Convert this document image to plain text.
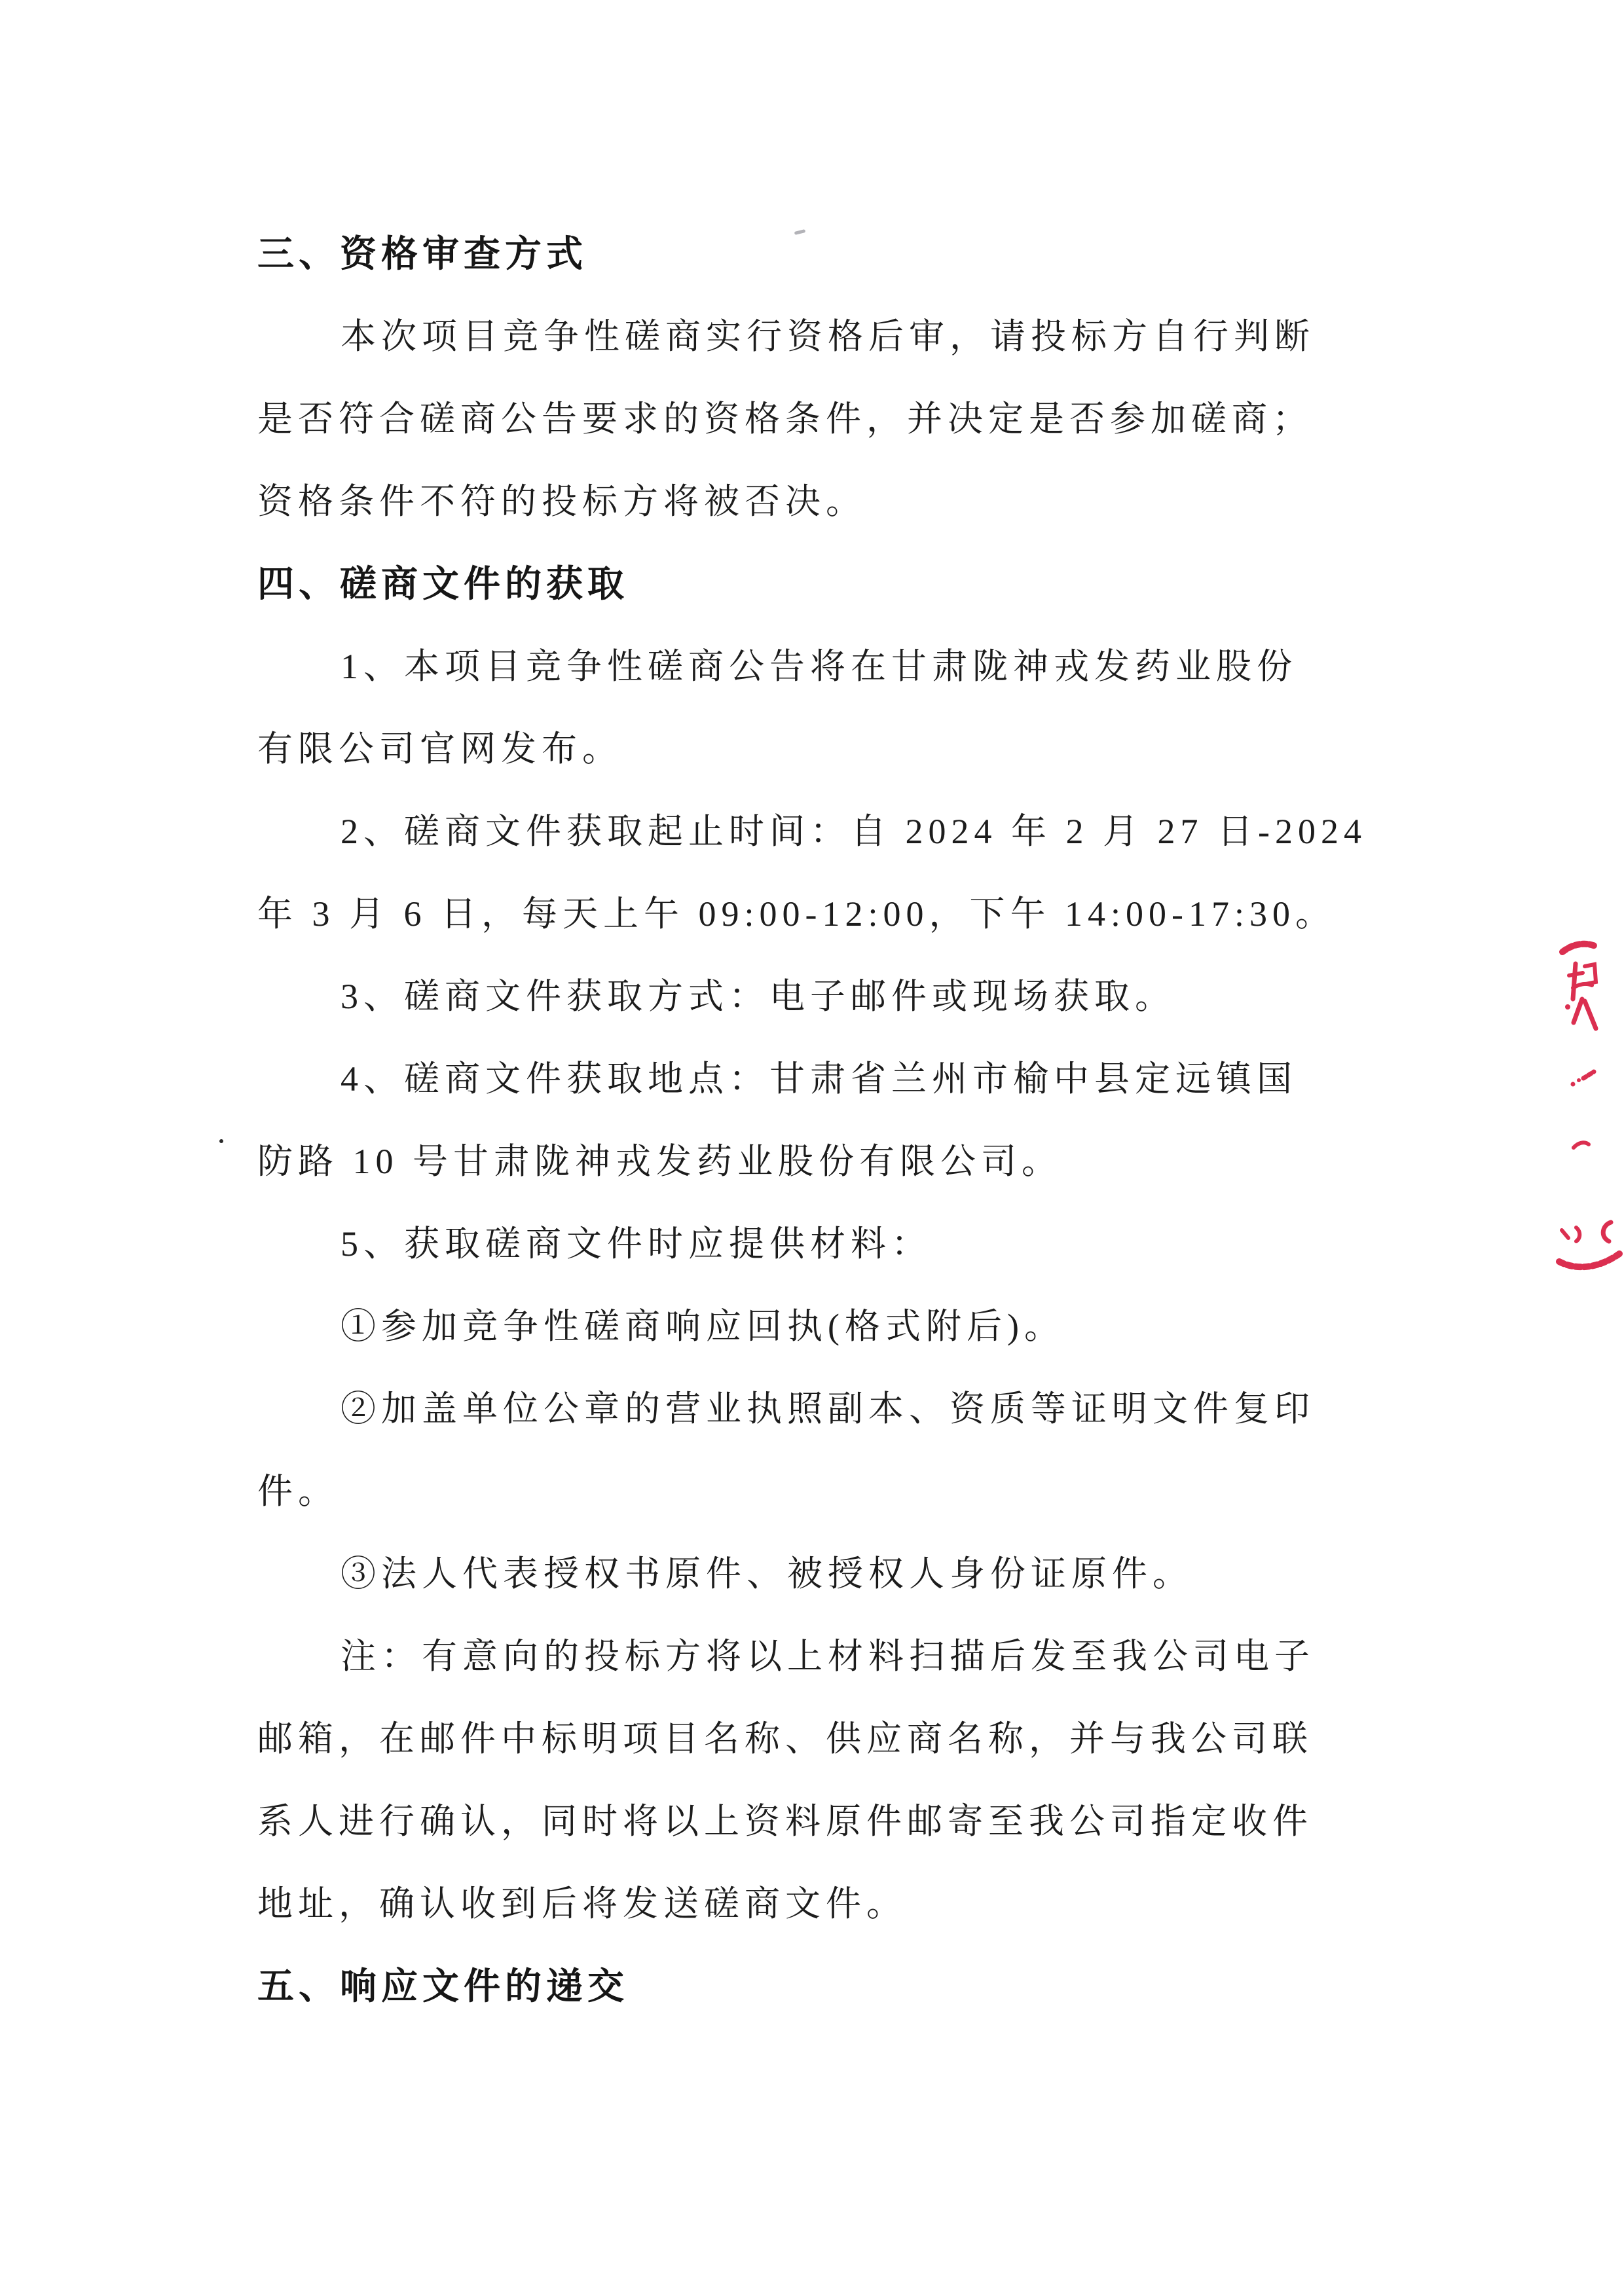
三、资格审查方式
本次项目竞争性磋商实行资格后审，请投标方自行判断
是否符合磋商公告要求的资格条件，并决定是否参加磋商；
资格条件不符的投标方将被否决。
四、磋商文件的获取
1、本项目竞争性磋商公告将在甘肃陇神戎发药业股份
有限公司官网发布。
2、磋商文件获取起止时间：自 2024 年 2 月 27 日-2024
年 3 月 6 日，每天上午 09:00-12:00，下午 14:00-17:30。
3、磋商文件获取方式：电子邮件或现场获取。
4、磋商文件获取地点：甘肃省兰州市榆中县定远镇国
防路 10 号甘肃陇神戎发药业股份有限公司。
5、获取磋商文件时应提供材料：
①参加竞争性磋商响应回执(格式附后)。
②加盖单位公章的营业执照副本、资质等证明文件复印
件。
③法人代表授权书原件、被授权人身份证原件。
注：有意向的投标方将以上材料扫描后发至我公司电子
邮箱，在邮件中标明项目名称、供应商名称，并与我公司联
系人进行确认，同时将以上资料原件邮寄至我公司指定收件
地址，确认收到后将发送磋商文件。
五、响应文件的递交
